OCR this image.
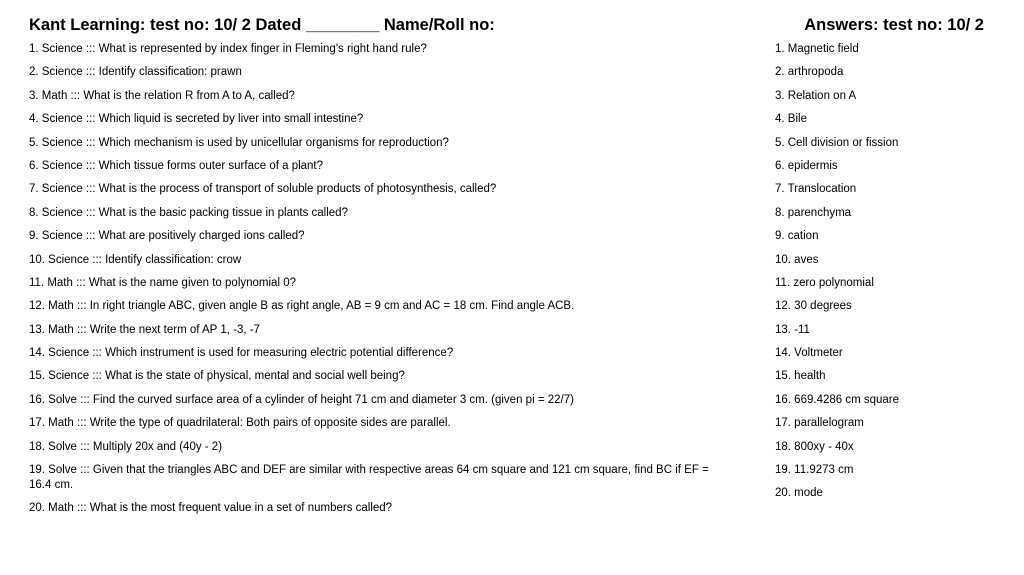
Kant Learning: test no: 10/ 2 Dated ________ Name/Roll no:	Answers: test no: 10/ 2
1. Science ::: What is represented by index finger in Fleming's right hand rule?
2. Science ::: Identify classification: prawn
3. Math ::: What is the relation R from A to A, called?
4. Science ::: Which liquid is secreted by liver into small intestine?
5. Science ::: Which mechanism is used by unicellular organisms for reproduction?
6. Science ::: Which tissue forms outer surface of a plant?
7. Science ::: What is the process of transport of soluble products of photosynthesis, called?
8. Science ::: What is the basic packing tissue in plants called?
9. Science ::: What are positively charged ions called?
10. Science ::: Identify classification: crow
11. Math ::: What is the name given to polynomial 0?
12. Math ::: In right triangle ABC, given angle B as right angle, AB = 9 cm and AC = 18 cm. Find angle ACB.
13. Math ::: Write the next term of AP 1, -3, -7
14. Science ::: Which instrument is used for measuring electric potential difference?
15. Science ::: What is the state of physical, mental and social well being?
16. Solve ::: Find the curved surface area of a cylinder of height 71 cm and diameter 3 cm. (given pi = 22/7)
17. Math ::: Write the type of quadrilateral: Both pairs of opposite sides are parallel.
18. Solve ::: Multiply 20x and (40y - 2)
19. Solve ::: Given that the triangles ABC and DEF are similar with respective areas 64 cm square and 121 cm square, find BC if EF = 16.4 cm.
20. Math ::: What is the most frequent value in a set of numbers called?
1. Magnetic field
2. arthropoda
3. Relation on A
4. Bile
5. Cell division or fission
6. epidermis
7. Translocation
8. parenchyma
9. cation
10. aves
11. zero polynomial
12. 30 degrees
13. -11
14. Voltmeter
15. health
16. 669.4286 cm square
17. parallelogram
18. 800xy - 40x
19. 11.9273 cm
20. mode
